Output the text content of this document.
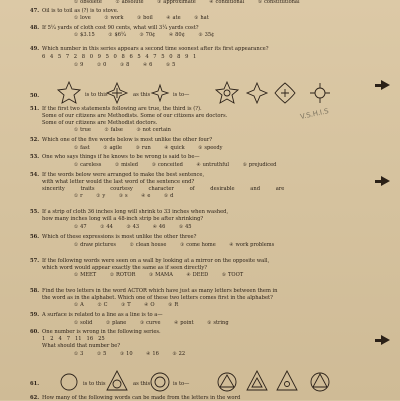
① obsolete	② absolute	③ approximate	④ conditional	⑤ constitutional
47. Oil is to toil as (?) is to stove.
① love	② work	③ boil	④ ate	⑤ hat
48. If 5¼ yards of cloth cost 90 cents, what will 3¼ yards cost?
① $3.15	② $6¼	③ 70¢	④ 80¢	⑤ 35¢
49. Which number in this series appears a second time soonest after its first appearance?
6 4 5 7 2 8 0 9 5 0 8 6 5 4 7 5 0 8 9 1
① 9	② 0	③ 8	④ 6	⑤ 5
50.	is to this	as this	is to—
51. If the first two statements following are true, the third is (?).
Some of our citizens are Methodists. Some of our citizens are doctors.
Some of our citizens are Methodist doctors.
① true	② false	③ not certain
V.S.H.I.S
52. Which one of the five words below is most unlike the other four?
① fast	② agile	③ run	④ quick	⑤ speedy
53. One who says things if he knows to be wrong is said to be—
① careless	② misled	③ conceited	④ untruthful	⑤ prejudiced
54. If the words below were arranged to make the best sentence,
with what letter would the last word of the sentence end?
sincerity	traits	courtesy	character	of	desirable	and	are
① r	② y	③ s	④ e	⑤ d
55. If a strip of cloth 36 inches long will shrink to 33 inches when washed,
how many inches long will a 48-inch strip be after shrinking?
① 47	② 44	③ 43	④ 46	⑤ 45
56. Which of these expressions is most unlike the other three?
① draw pictures	② clean house	③ come home	④ work problems
57. If the following words were seen on a wall by looking at a mirror on the opposite wall,
which word would appear exactly the same as if seen directly?
① MEET	② ROTOR	③ MAMA	④ DEED	⑤ TOOT
58. Find the two letters in the word ACTOR which have just as many letters between them in
the word as in the alphabet. Which one of these two letters comes first in the alphabet?
① A	② C	③ T	④ O	⑤ R
59. A surface is related to a line as a line is to a—
① solid	② plane	③ curve	④ point	⑤ string
60. One number is wrong in the following series.
1   2   4   7   11   16   25
What should that number be?
① 3	② 5	③ 10	④ 16	⑤ 22
61.	is to this	as this	is to—
62. How many of the following words can be made from the letters in the word
